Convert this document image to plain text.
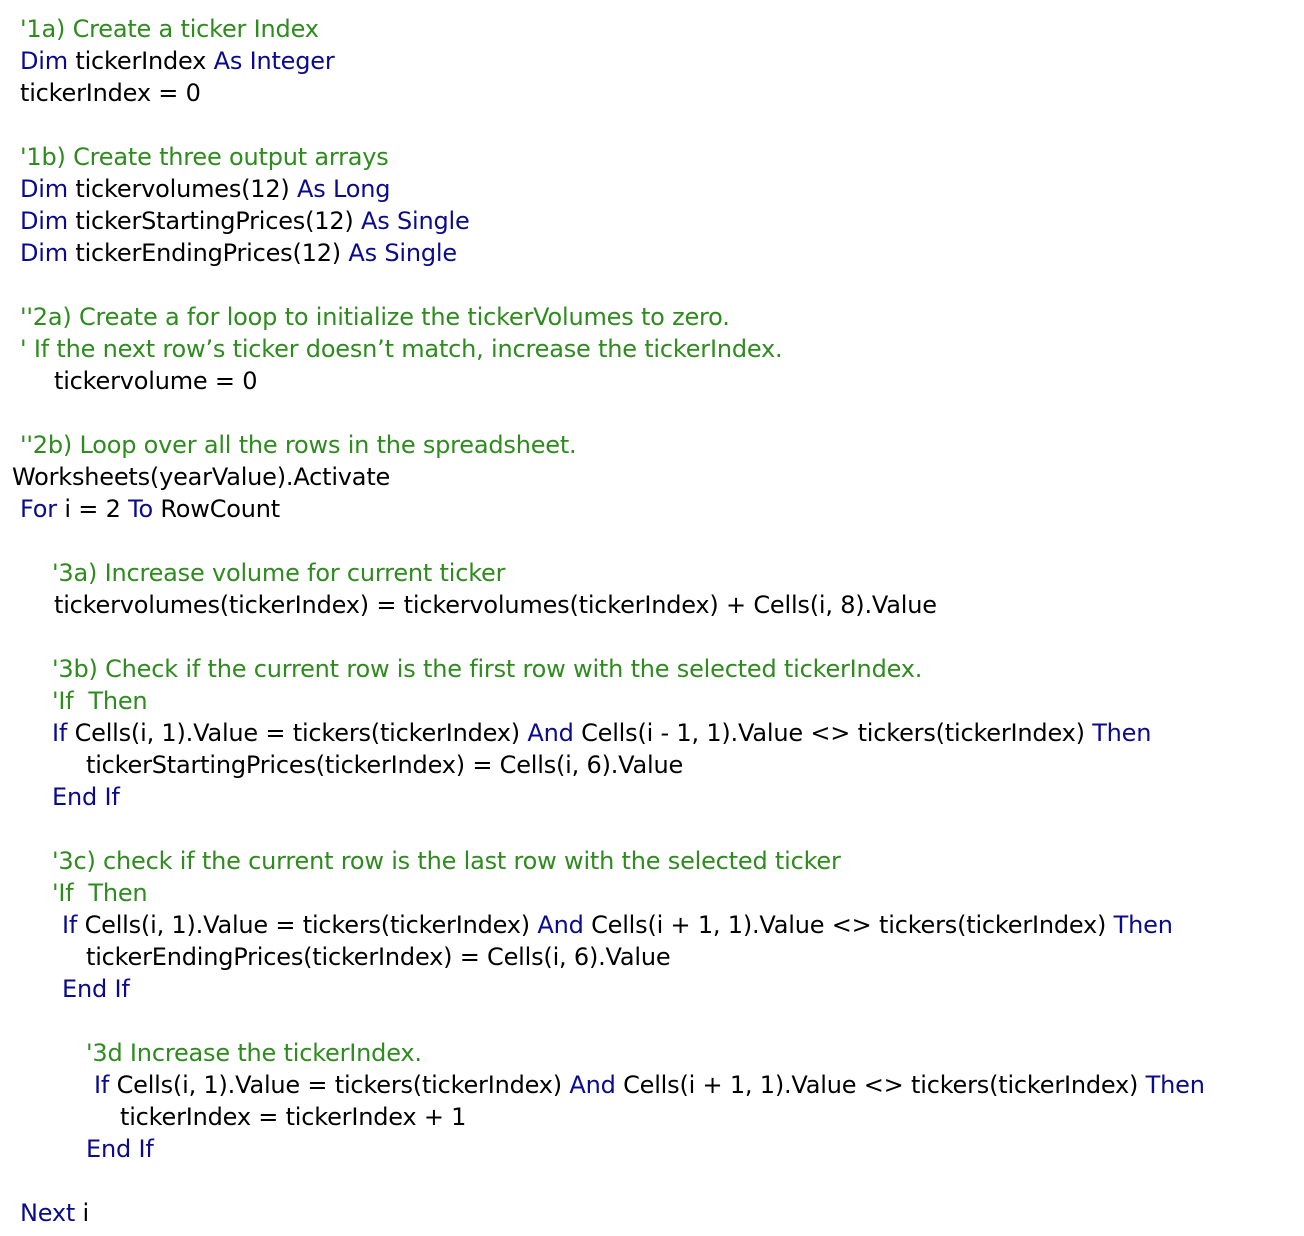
'1a) Create a ticker Index
Dim tickerIndex As Integer
tickerIndex = 0
'1b) Create three output arrays
Dim tickervolumes(12) As Long
Dim tickerStartingPrices(12) As Single
Dim tickerEndingPrices(12) As Single
''2a) Create a for loop to initialize the tickerVolumes to zero.
' If the next row’s ticker doesn’t match, increase the tickerIndex.
tickervolume = 0
''2b) Loop over all the rows in the spreadsheet.
Worksheets(yearValue).Activate
For i = 2 To RowCount
'3a) Increase volume for current ticker
tickervolumes(tickerIndex) = tickervolumes(tickerIndex) + Cells(i, 8).Value
'3b) Check if the current row is the first row with the selected tickerIndex.
'If  Then
If Cells(i, 1).Value = tickers(tickerIndex) And Cells(i - 1, 1).Value <> tickers(tickerIndex) Then
tickerStartingPrices(tickerIndex) = Cells(i, 6).Value
End If
'3c) check if the current row is the last row with the selected ticker
'If  Then
If Cells(i, 1).Value = tickers(tickerIndex) And Cells(i + 1, 1).Value <> tickers(tickerIndex) Then
tickerEndingPrices(tickerIndex) = Cells(i, 6).Value
End If
'3d Increase the tickerIndex.
If Cells(i, 1).Value = tickers(tickerIndex) And Cells(i + 1, 1).Value <> tickers(tickerIndex) Then
tickerIndex = tickerIndex + 1
End If
Next i
